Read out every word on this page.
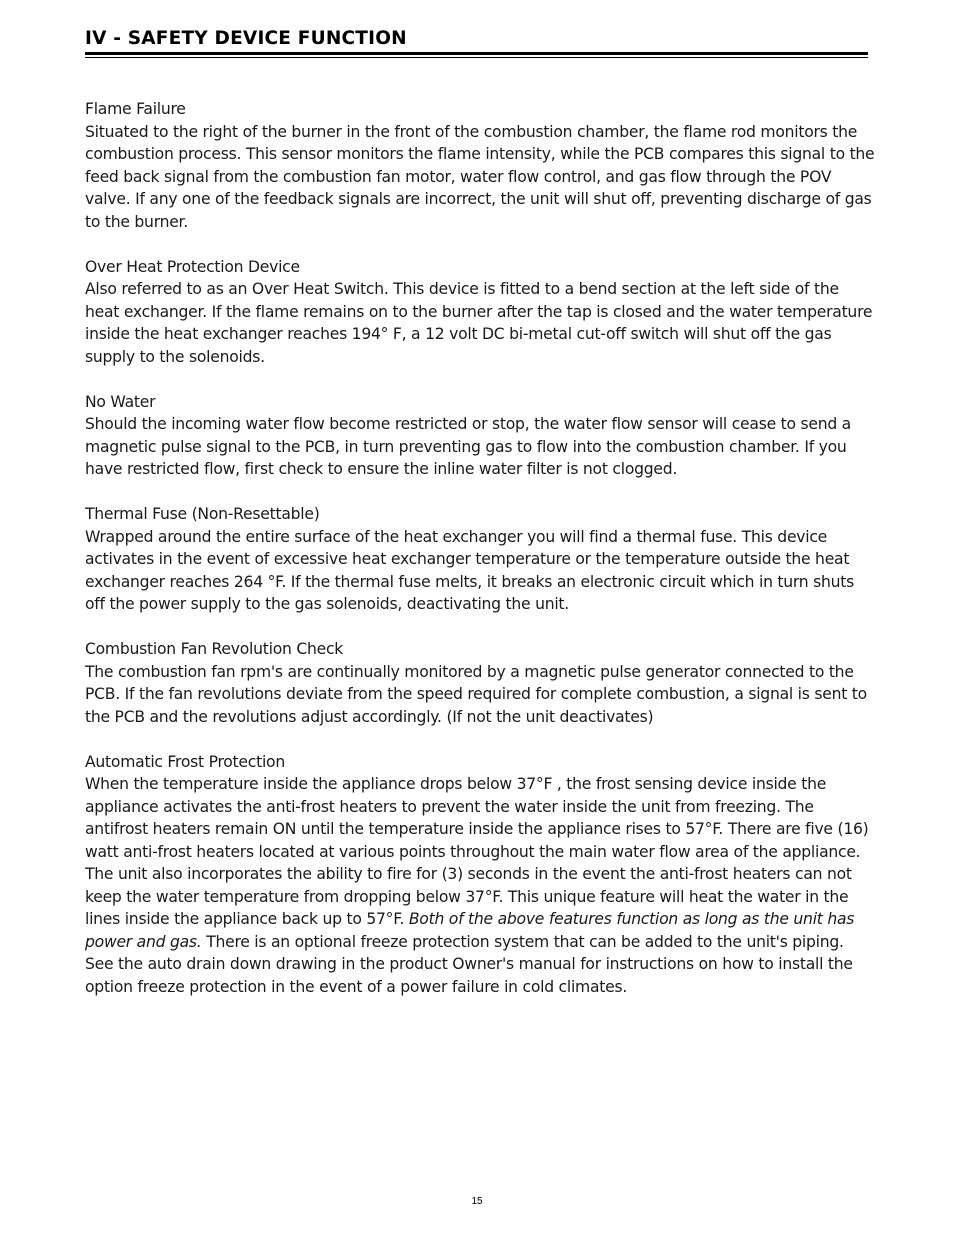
IV - SAFETY DEVICE FUNCTION

Flame Failure

Situated to the right of the burner in the front of the combustion chamber, the flame rod monitors the combustion process. This sensor monitors the flame intensity, while the PCB compares this signal to the feed back signal from the combustion fan motor, water flow control, and gas flow through the POV valve. If any one of the feedback signals are incorrect, the unit will shut off, preventing discharge of gas to the burner.

Over Heat Protection Device

Also referred to as an Over Heat Switch. This device is fitted to a bend section at the left side of the heat exchanger. If the flame remains on to the burner after the tap is closed and the water temperature inside the heat exchanger reaches 194° F, a 12 volt DC bi-metal cut-off switch will shut off the gas supply to the solenoids.

No Water

Should the incoming water flow become restricted or stop, the water flow sensor will cease to send a magnetic pulse signal to the PCB, in turn preventing gas to flow into the combustion chamber. If you have restricted flow, first check to ensure the inline water filter is not clogged.

Thermal Fuse (Non-Resettable)

Wrapped around the entire surface of the heat exchanger you will find a thermal fuse. This device activates in the event of excessive heat exchanger temperature or the temperature outside the heat exchanger reaches 264 °F. If the thermal fuse melts, it breaks an electronic circuit which in turn shuts off the power supply to the gas solenoids, deactivating the unit.

Combustion Fan Revolution Check

The combustion fan rpm's are continually monitored by a magnetic pulse generator connected to the PCB. If the fan revolutions deviate from the speed required for complete combustion, a signal is sent to the PCB and the revolutions adjust accordingly. (If not the unit deactivates)

Automatic Frost Protection

When the temperature inside the appliance drops below 37°F , the frost sensing device inside the appliance activates the anti-frost heaters to prevent the water inside the unit from freezing. The antifrost heaters remain ON until the temperature inside the appliance rises to 57°F. There are five (16) watt anti-frost heaters located at various points throughout the main water flow area of the appliance. The unit also incorporates the ability to fire for (3) seconds in the event the anti-frost heaters can not keep the water temperature from dropping below 37°F. This unique feature will heat the water in the lines inside the appliance back up to 57°F. Both of the above features function as long as the unit has power and gas. There is an optional freeze protection system that can be added to the unit's piping. See the auto drain down drawing in the product Owner's manual for instructions on how to install the option freeze protection in the event of a power failure in cold climates.

15
